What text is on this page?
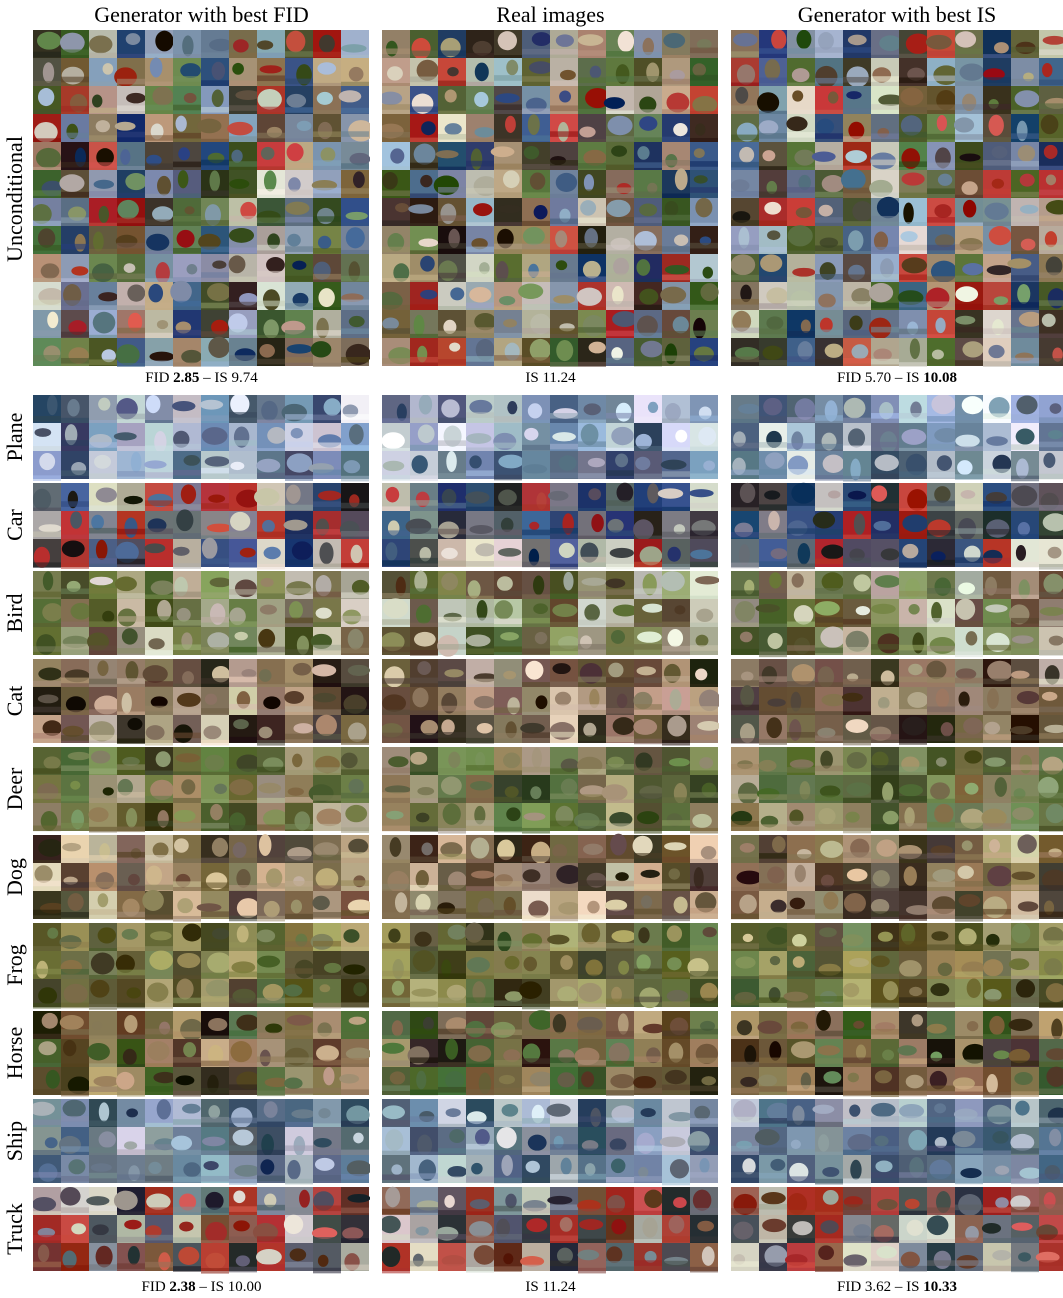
Generator with best FID	Real images	Generator with best IS
Unconditional
FID 2.85 – IS 9.74	IS 11.24	FID 5.70 – IS 10.08
Plane
Car
Bird
Cat
Deer
Dog
Frog
Horse
Ship
Truck
FID 2.38 – IS 10.00	IS 11.24	FID 3.62 – IS 10.33
